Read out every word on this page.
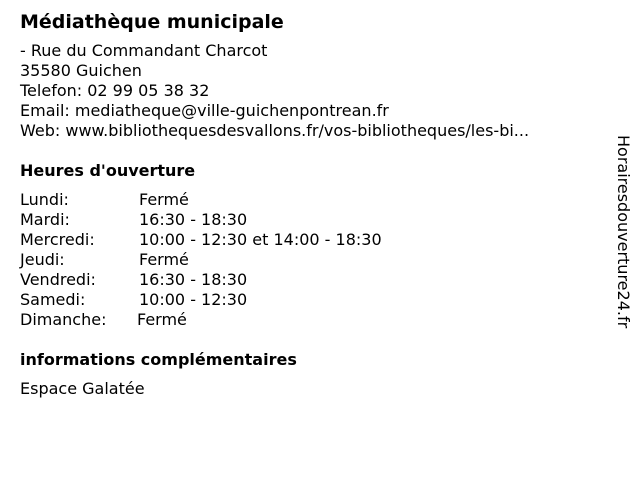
Médiathèque municipale
- Rue du Commandant Charcot
35580 Guichen
Telefon: 02 99 05 38 32
Email: mediatheque@ville-guichenpontrean.fr
Web: www.bibliothequesdesvallons.fr/vos-bibliotheques/les-bi...
Heures d'ouverture
Lundi:	Fermé
Mardi:	16:30 - 18:30
Mercredi:	10:00 - 12:30 et 14:00 - 18:30
Jeudi:	Fermé
Vendredi:	16:30 - 18:30
Samedi:	10:00 - 12:30
Dimanche:	Fermé
informations complémentaires
Espace Galatée
Horairesdouverture24.fr
